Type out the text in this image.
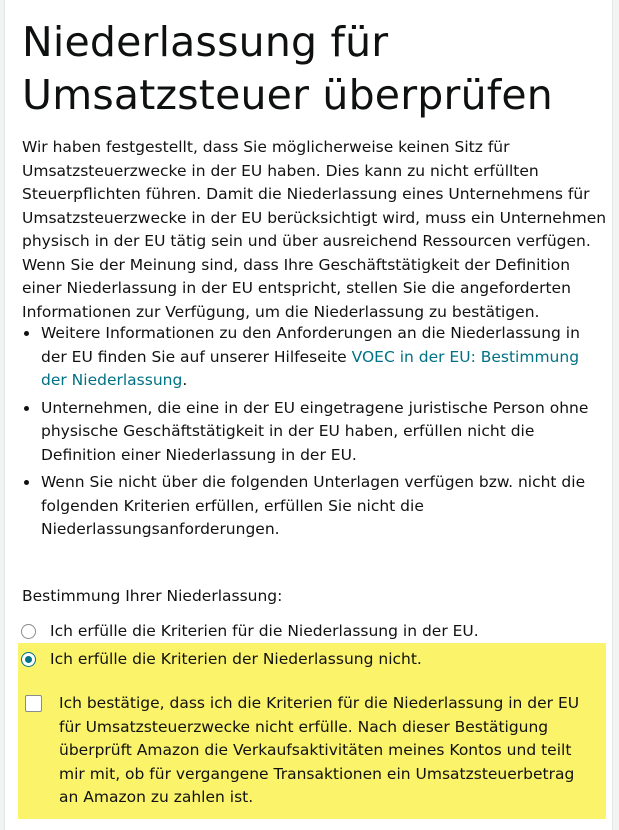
Niederlassung für Umsatzsteuer überprüfen

Wir haben festgestellt, dass Sie möglicherweise keinen Sitz für Umsatzsteuerzwecke in der EU haben. Dies kann zu nicht erfüllten Steuerpflichten führen. Damit die Niederlassung eines Unternehmens für Umsatzsteuerzwecke in der EU berücksichtigt wird, muss ein Unternehmen physisch in der EU tätig sein und über ausreichend Ressourcen verfügen. Wenn Sie der Meinung sind, dass Ihre Geschäftstätigkeit der Definition einer Niederlassung in der EU entspricht, stellen Sie die angeforderten Informationen zur Verfügung, um die Niederlassung zu bestätigen.

Weitere Informationen zu den Anforderungen an die Niederlassung in der EU finden Sie auf unserer Hilfeseite VOEC in der EU: Bestimmung der Niederlassung.
Unternehmen, die eine in der EU eingetragene juristische Person ohne physische Geschäftstätigkeit in der EU haben, erfüllen nicht die Definition einer Niederlassung in der EU.
Wenn Sie nicht über die folgenden Unterlagen verfügen bzw. nicht die folgenden Kriterien erfüllen, erfüllen Sie nicht die Niederlassungsanforderungen.

Bestimmung Ihrer Niederlassung:

Ich erfülle die Kriterien für die Niederlassung in der EU.
Ich erfülle die Kriterien der Niederlassung nicht.
Ich bestätige, dass ich die Kriterien für die Niederlassung in der EU für Umsatzsteuerzwecke nicht erfülle. Nach dieser Bestätigung überprüft Amazon die Verkaufsaktivitäten meines Kontos und teilt mir mit, ob für vergangene Transaktionen ein Umsatzsteuerbetrag an Amazon zu zahlen ist.
